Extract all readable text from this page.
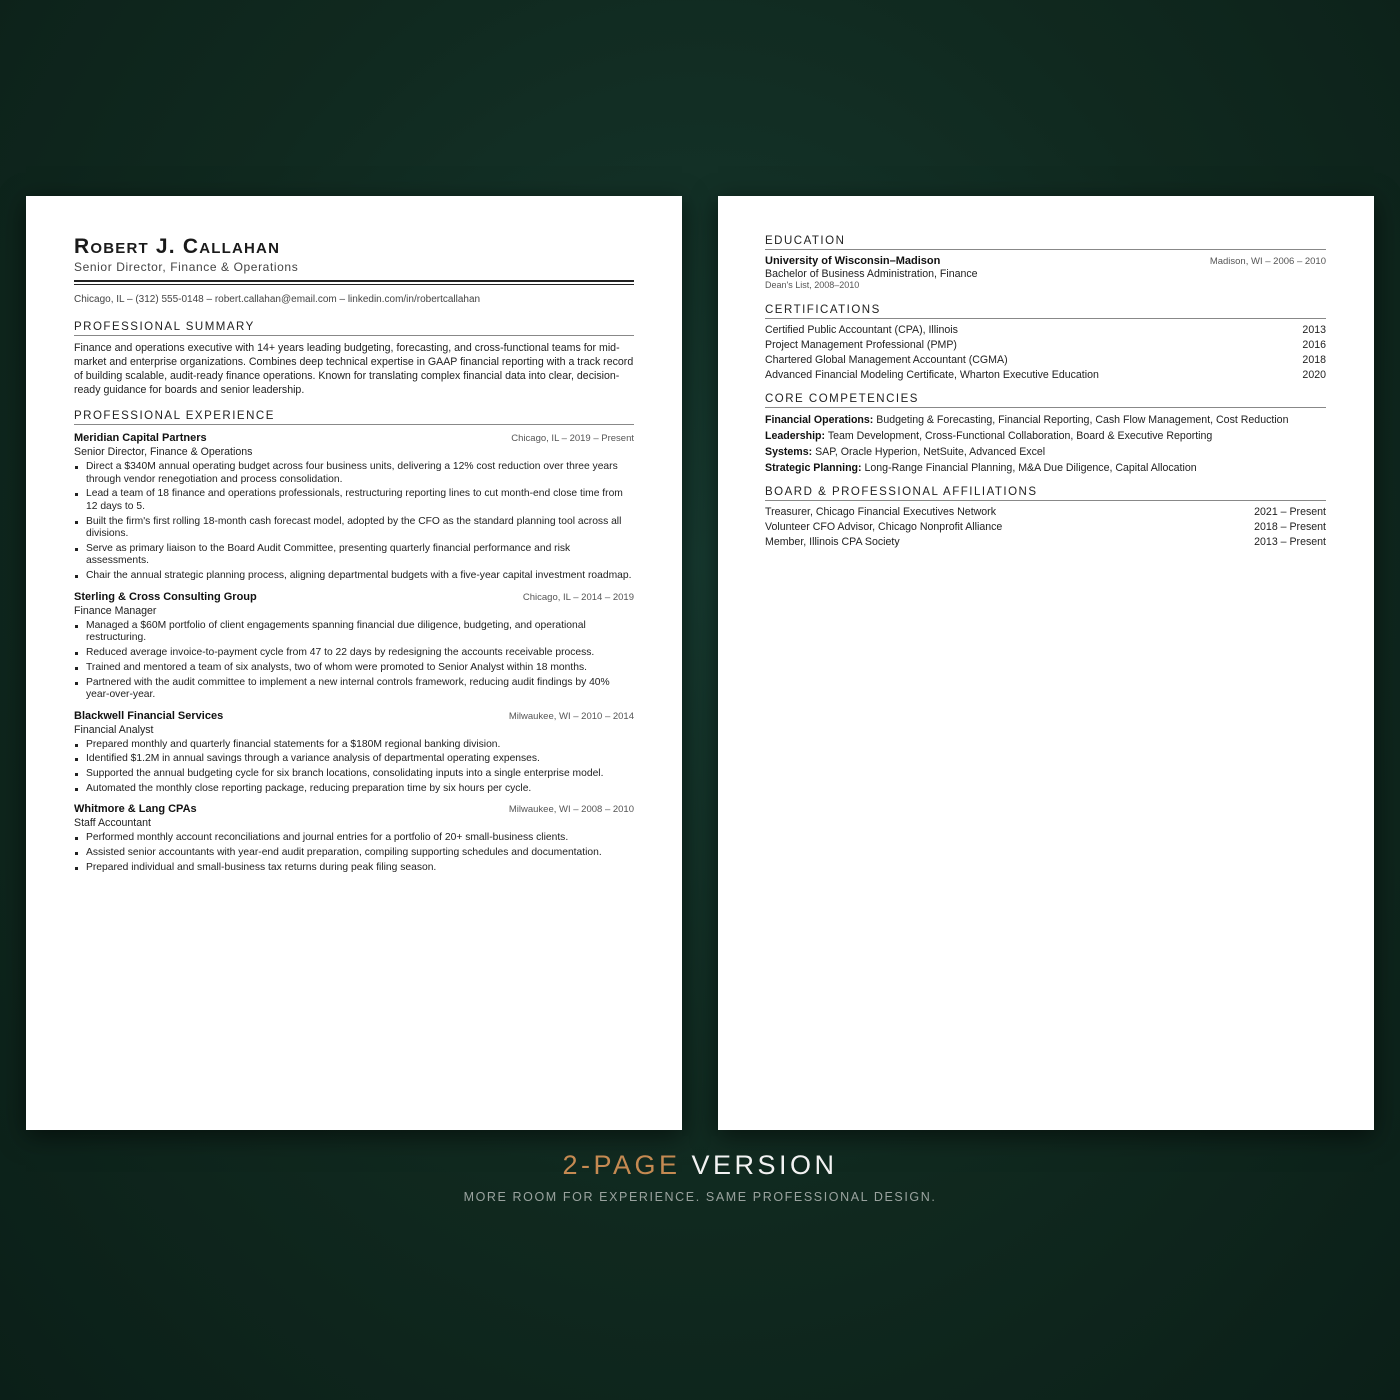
Robert J. Callahan
Senior Director, Finance & Operations
Chicago, IL – (312) 555-0148 – robert.callahan@email.com – linkedin.com/in/robertcallahan
PROFESSIONAL SUMMARY
Finance and operations executive with 14+ years leading budgeting, forecasting, and cross-functional teams for mid-market and enterprise organizations. Combines deep technical expertise in GAAP financial reporting with a track record of building scalable, audit-ready finance operations. Known for translating complex financial data into clear, decision-ready guidance for boards and senior leadership.
PROFESSIONAL EXPERIENCE
Meridian Capital Partners	Chicago, IL – 2019 – Present
Senior Director, Finance & Operations
Direct a $340M annual operating budget across four business units, delivering a 12% cost reduction over three years through vendor renegotiation and process consolidation.
Lead a team of 18 finance and operations professionals, restructuring reporting lines to cut month-end close time from 12 days to 5.
Built the firm's first rolling 18-month cash forecast model, adopted by the CFO as the standard planning tool across all divisions.
Serve as primary liaison to the Board Audit Committee, presenting quarterly financial performance and risk assessments.
Chair the annual strategic planning process, aligning departmental budgets with a five-year capital investment roadmap.
Sterling & Cross Consulting Group	Chicago, IL – 2014 – 2019
Finance Manager
Managed a $60M portfolio of client engagements spanning financial due diligence, budgeting, and operational restructuring.
Reduced average invoice-to-payment cycle from 47 to 22 days by redesigning the accounts receivable process.
Trained and mentored a team of six analysts, two of whom were promoted to Senior Analyst within 18 months.
Partnered with the audit committee to implement a new internal controls framework, reducing audit findings by 40% year-over-year.
Blackwell Financial Services	Milwaukee, WI – 2010 – 2014
Financial Analyst
Prepared monthly and quarterly financial statements for a $180M regional banking division.
Identified $1.2M in annual savings through a variance analysis of departmental operating expenses.
Supported the annual budgeting cycle for six branch locations, consolidating inputs into a single enterprise model.
Automated the monthly close reporting package, reducing preparation time by six hours per cycle.
Whitmore & Lang CPAs	Milwaukee, WI – 2008 – 2010
Staff Accountant
Performed monthly account reconciliations and journal entries for a portfolio of 20+ small-business clients.
Assisted senior accountants with year-end audit preparation, compiling supporting schedules and documentation.
Prepared individual and small-business tax returns during peak filing season.
EDUCATION
University of Wisconsin–Madison	Madison, WI – 2006 – 2010
Bachelor of Business Administration, Finance
Dean's List, 2008–2010
CERTIFICATIONS
Certified Public Accountant (CPA), Illinois	2013
Project Management Professional (PMP)	2016
Chartered Global Management Accountant (CGMA)	2018
Advanced Financial Modeling Certificate, Wharton Executive Education	2020
CORE COMPETENCIES
Financial Operations: Budgeting & Forecasting, Financial Reporting, Cash Flow Management, Cost Reduction
Leadership: Team Development, Cross-Functional Collaboration, Board & Executive Reporting
Systems: SAP, Oracle Hyperion, NetSuite, Advanced Excel
Strategic Planning: Long-Range Financial Planning, M&A Due Diligence, Capital Allocation
BOARD & PROFESSIONAL AFFILIATIONS
Treasurer, Chicago Financial Executives Network	2021 – Present
Volunteer CFO Advisor, Chicago Nonprofit Alliance	2018 – Present
Member, Illinois CPA Society	2013 – Present
2-PAGE VERSION
MORE ROOM FOR EXPERIENCE. SAME PROFESSIONAL DESIGN.
